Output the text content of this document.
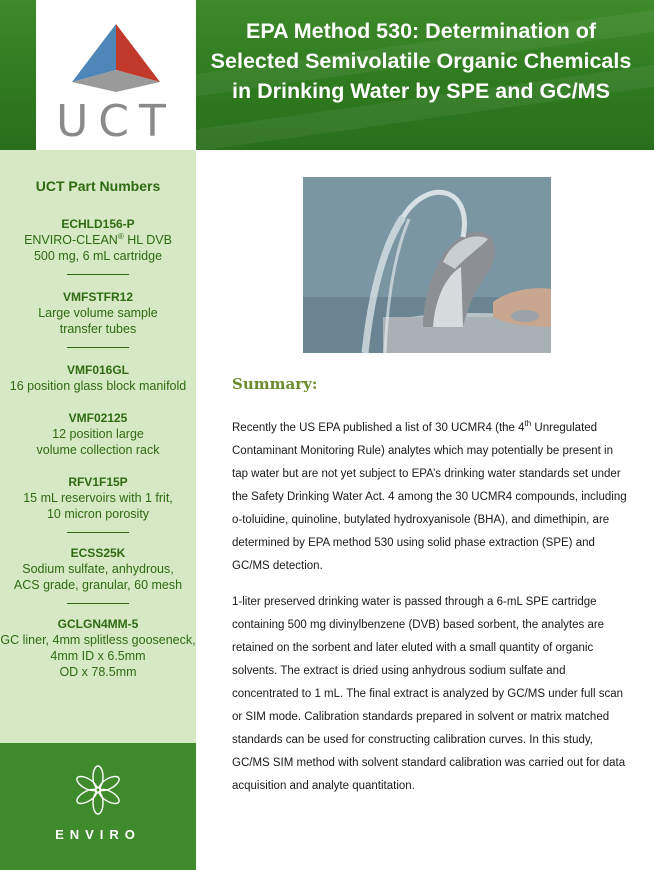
EPA Method 530: Determination of
Selected Semivolatile Organic Chemicals
in Drinking Water by SPE and GC/MS
UCT
UCT Part Numbers
ECHLD156-P
ENVIRO-CLEAN® HL DVB
500 mg, 6 mL cartridge
VMFSTFR12
Large volume sample
transfer tubes
VMF016GL
16 position glass block manifold
VMF02125
12 position large
volume collection rack
RFV1F15P
15 mL reservoirs with 1 frit,
10 micron porosity
ECSS25K
Sodium sulfate, anhydrous,
ACS grade, granular, 60 mesh
GCLGN4MM-5
GC liner, 4mm splitless gooseneck,
4mm ID x 6.5mm
OD x 78.5mm
ENVIRO
Summary:
Recently the US EPA published a list of 30 UCMR4 (the 4th Unregulated Contaminant Monitoring Rule) analytes which may potentially be present in tap water but are not yet subject to EPA’s drinking water standards set under the Safety Drinking Water Act. 4 among the 30 UCMR4 compounds, including o-toluidine, quinoline, butylated hydroxyanisole (BHA), and dimethipin, are determined by EPA method 530 using solid phase extraction (SPE) and GC/MS detection.
1-liter preserved drinking water is passed through a 6-mL SPE cartridge containing 500 mg divinylbenzene (DVB) based sorbent, the analytes are retained on the sorbent and later eluted with a small quantity of organic solvents. The extract is dried using anhydrous sodium sulfate and concentrated to 1 mL. The final extract is analyzed by GC/MS under full scan or SIM mode. Calibration standards prepared in solvent or matrix matched standards can be used for constructing calibration curves. In this study, GC/MS SIM method with solvent standard calibration was carried out for data acquisition and analyte quantitation.
